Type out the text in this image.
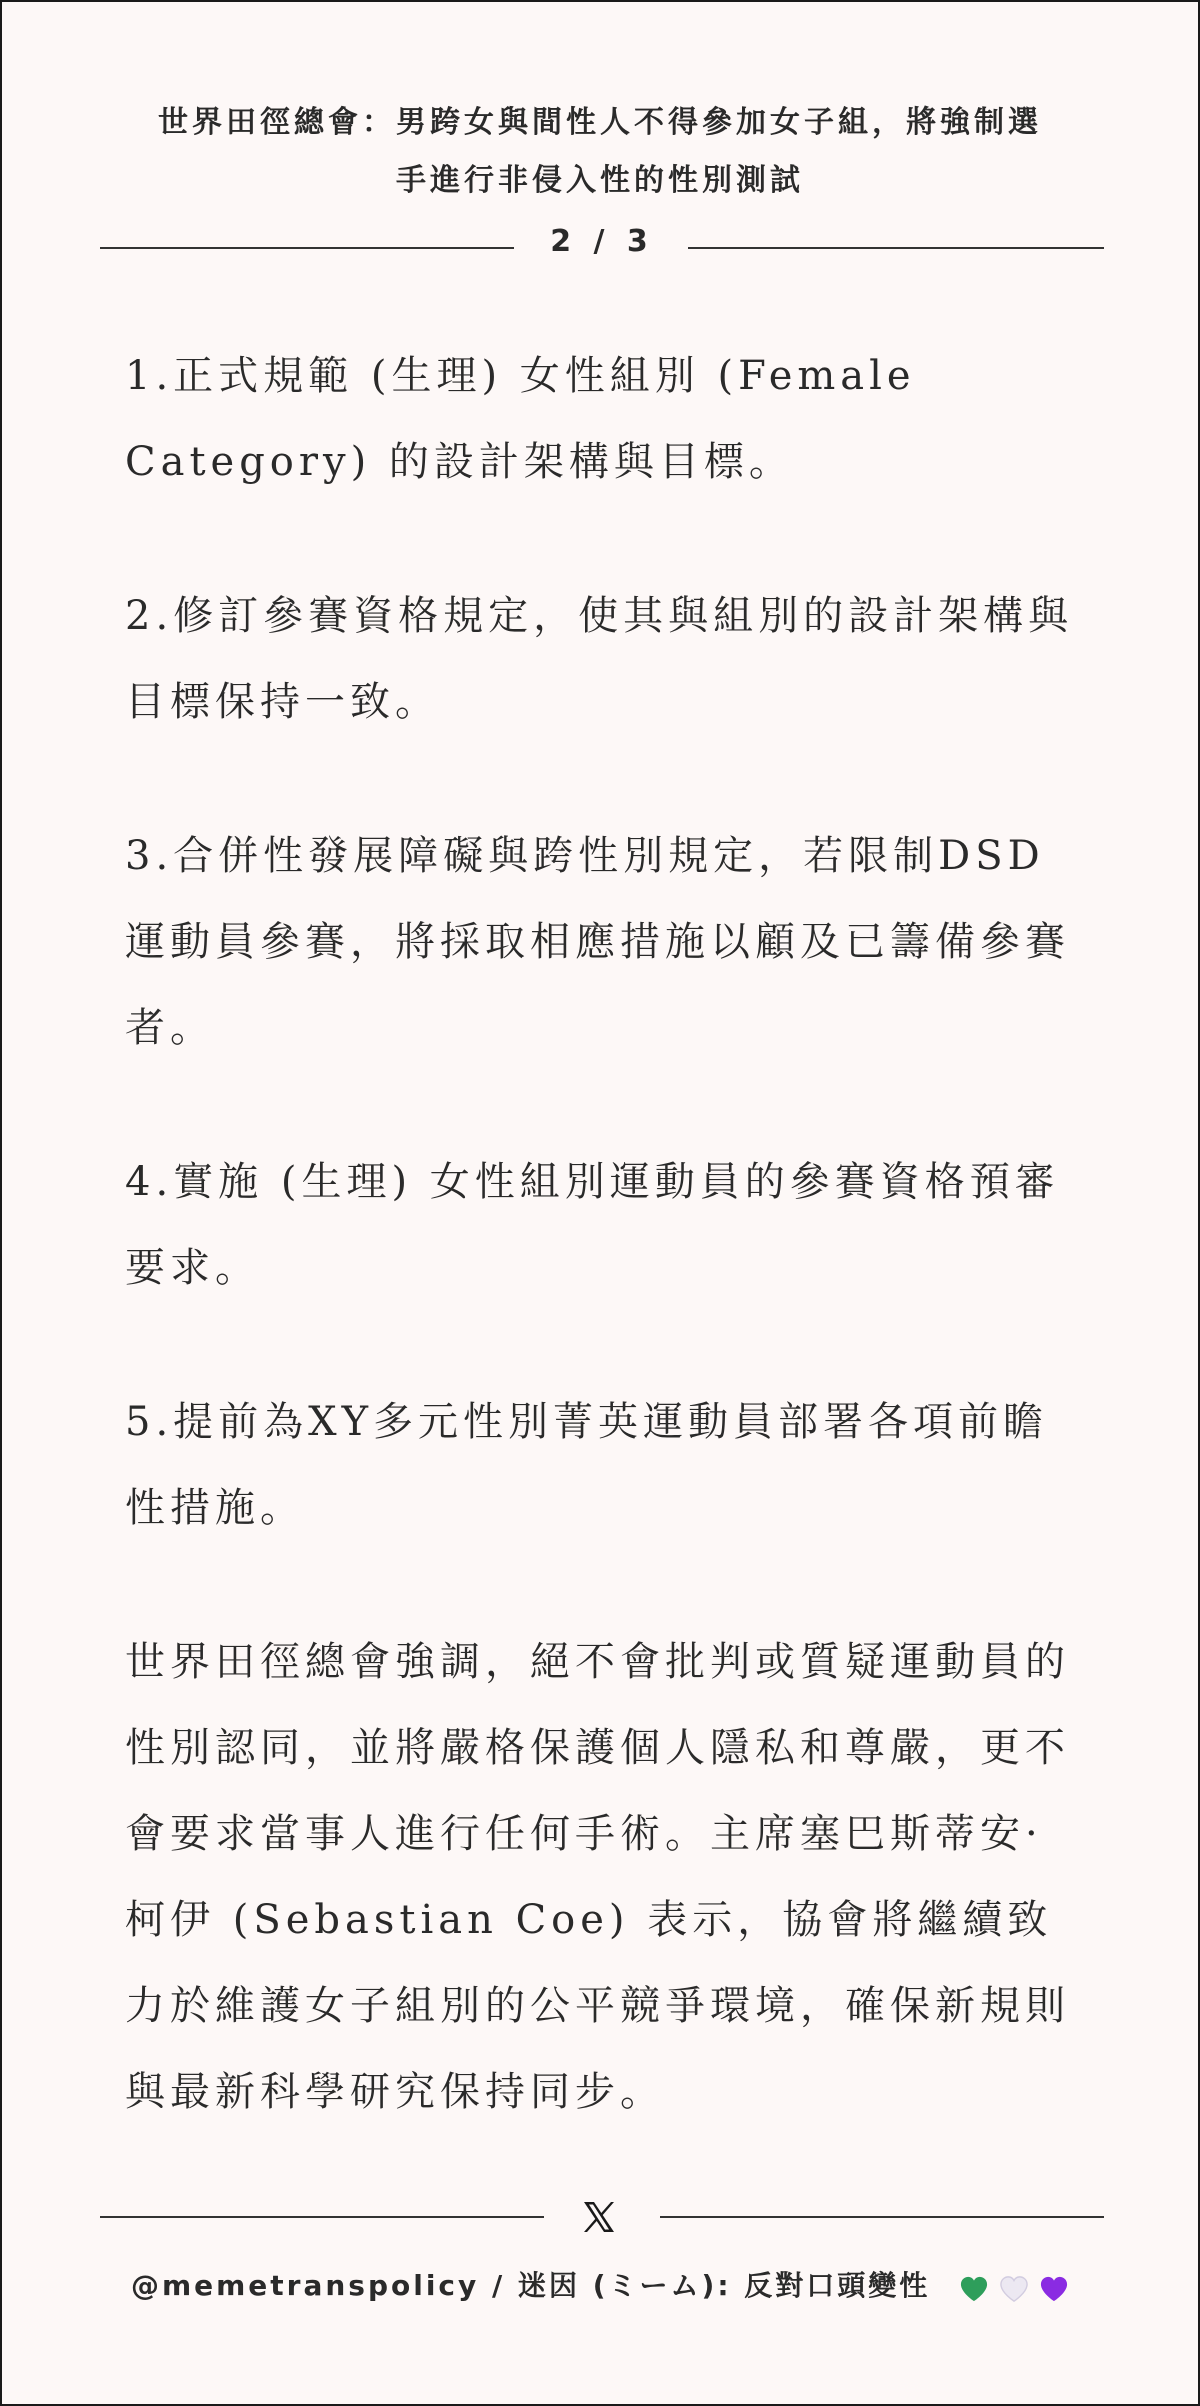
世界田徑總會：男跨女與間性人不得參加女子組，將強制選
手進行非侵入性的性別測試
2 / 3

1.正式規範 (生理) 女性組別 (Female Category) 的設計架構與目標。

2.修訂參賽資格規定，使其與組別的設計架構與目標保持一致。

3.合併性發展障礙與跨性別規定，若限制DSD運動員參賽，將採取相應措施以顧及已籌備參賽者。

4.實施 (生理) 女性組別運動員的參賽資格預審要求。

5.提前為XY多元性別菁英運動員部署各項前瞻性措施。

世界田徑總會強調，絕不會批判或質疑運動員的性別認同，並將嚴格保護個人隱私和尊嚴，更不會要求當事人進行任何手術。主席塞巴斯蒂安·柯伊 (Sebastian Coe) 表示，協會將繼續致力於維護女子組別的公平競爭環境，確保新規則與最新科學研究保持同步。

@memetranspolicy / 迷因 (ミーム): 反對口頭變性
